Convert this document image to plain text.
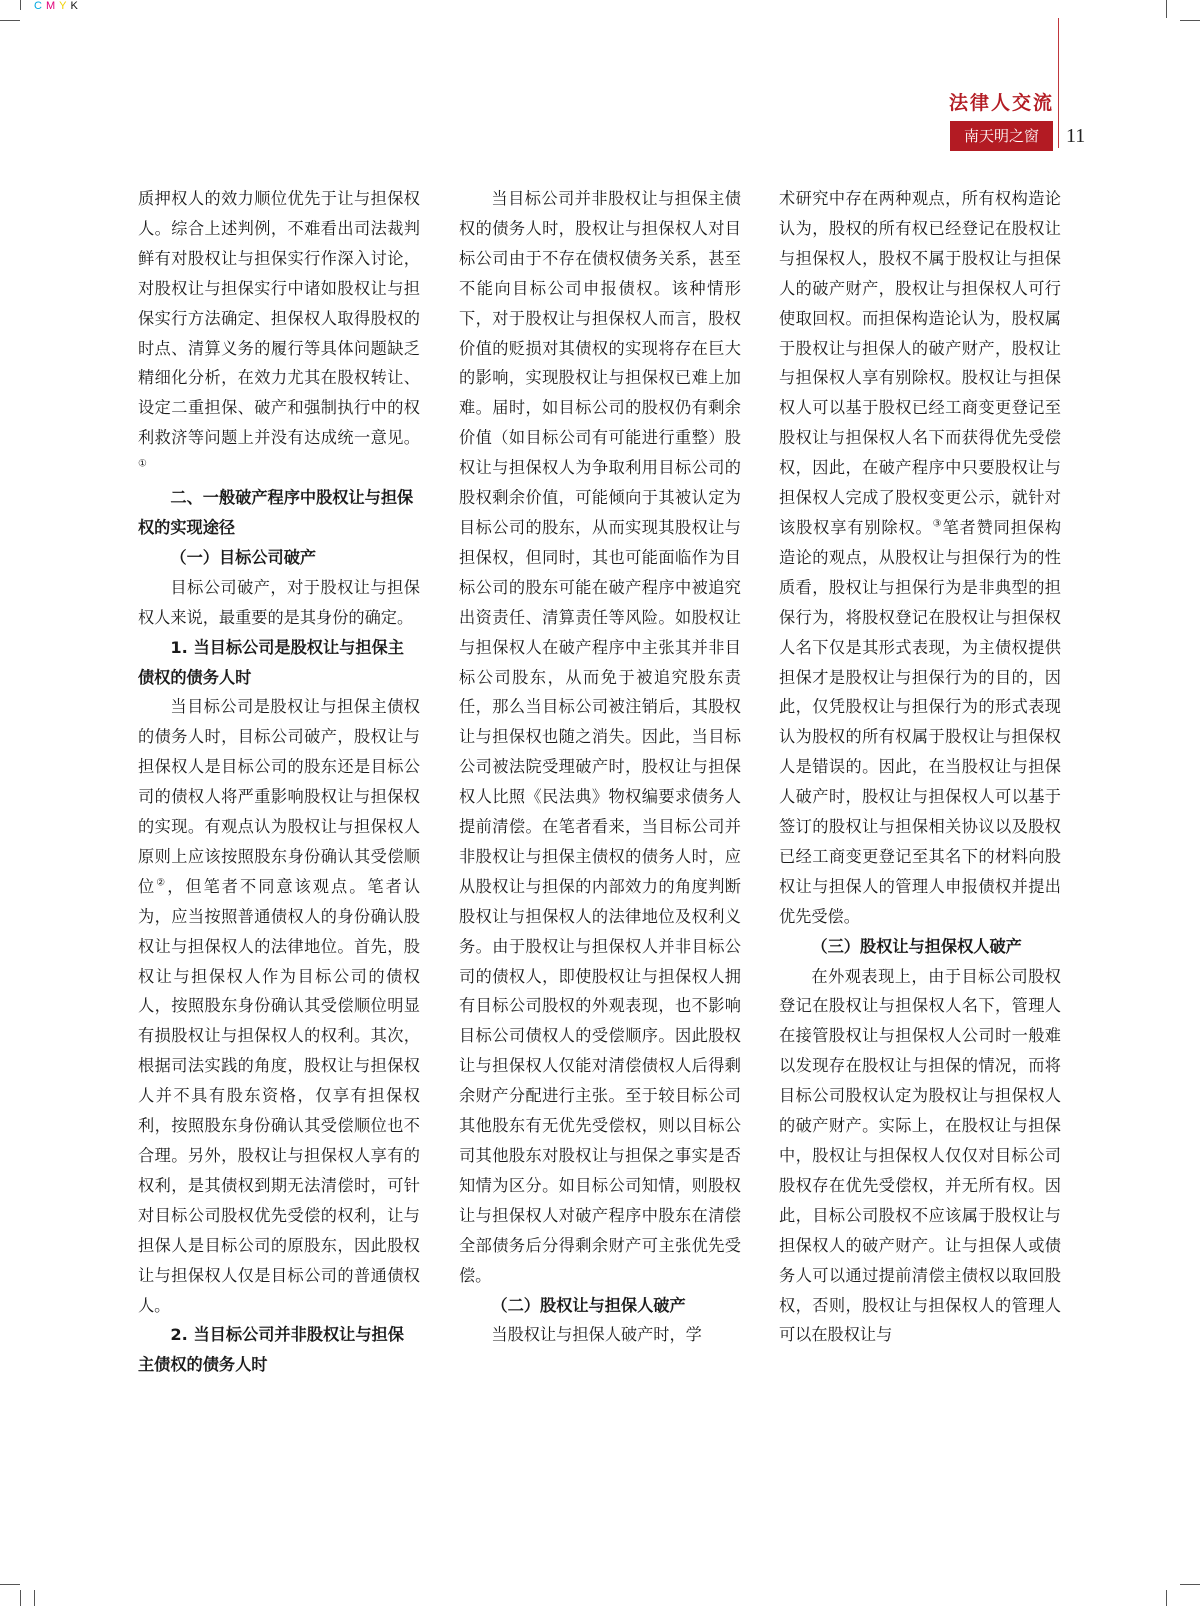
CMYK
法律人交流
南天明之窗	11

质押权人的效力顺位优先于让与担保权人。综合上述判例，不难看出司法裁判鲜有对股权让与担保实行作深入讨论，对股权让与担保实行中诸如股权让与担保实行方法确定、担保权人取得股权的时点、清算义务的履行等具体问题缺乏精细化分析，在效力尤其在股权转让、设定二重担保、破产和强制执行中的权利救济等问题上并没有达成统一意见。①

二、一般破产程序中股权让与担保权的实现途径

（一）目标公司破产

目标公司破产，对于股权让与担保权人来说，最重要的是其身份的确定。

1. 当目标公司是股权让与担保主债权的债务人时

当目标公司是股权让与担保主债权的债务人时，目标公司破产，股权让与担保权人是目标公司的股东还是目标公司的债权人将严重影响股权让与担保权的实现。有观点认为股权让与担保权人原则上应该按照股东身份确认其受偿顺位②，但笔者不同意该观点。笔者认为，应当按照普通债权人的身份确认股权让与担保权人的法律地位。首先，股权让与担保权人作为目标公司的债权人，按照股东身份确认其受偿顺位明显有损股权让与担保权人的权利。其次，根据司法实践的角度，股权让与担保权人并不具有股东资格，仅享有担保权利，按照股东身份确认其受偿顺位也不合理。另外，股权让与担保权人享有的权利，是其债权到期无法清偿时，可针对目标公司股权优先受偿的权利，让与担保人是目标公司的原股东，因此股权让与担保权人仅是目标公司的普通债权人。

2. 当目标公司并非股权让与担保主债权的债务人时

当目标公司并非股权让与担保主债权的债务人时，股权让与担保权人对目标公司由于不存在债权债务关系，甚至不能向目标公司申报债权。该种情形下，对于股权让与担保权人而言，股权价值的贬损对其债权的实现将存在巨大的影响，实现股权让与担保权已难上加难。届时，如目标公司的股权仍有剩余价值（如目标公司有可能进行重整）股权让与担保权人为争取利用目标公司的股权剩余价值，可能倾向于其被认定为目标公司的股东，从而实现其股权让与担保权，但同时，其也可能面临作为目标公司的股东可能在破产程序中被追究出资责任、清算责任等风险。如股权让与担保权人在破产程序中主张其并非目标公司股东，从而免于被追究股东责任，那么当目标公司被注销后，其股权让与担保权也随之消失。因此，当目标公司被法院受理破产时，股权让与担保权人比照《民法典》物权编要求债务人提前清偿。在笔者看来，当目标公司并非股权让与担保主债权的债务人时，应从股权让与担保的内部效力的角度判断股权让与担保权人的法律地位及权利义务。由于股权让与担保权人并非目标公司的债权人，即使股权让与担保权人拥有目标公司股权的外观表现，也不影响目标公司债权人的受偿顺序。因此股权让与担保权人仅能对清偿债权人后得剩余财产分配进行主张。至于较目标公司其他股东有无优先受偿权，则以目标公司其他股东对股权让与担保之事实是否知情为区分。如目标公司知情，则股权让与担保权人对破产程序中股东在清偿全部债务后分得剩余财产可主张优先受偿。

（二）股权让与担保人破产

当股权让与担保人破产时，学

术研究中存在两种观点，所有权构造论认为，股权的所有权已经登记在股权让与担保权人，股权不属于股权让与担保人的破产财产，股权让与担保权人可行使取回权。而担保构造论认为，股权属于股权让与担保人的破产财产，股权让与担保权人享有别除权。股权让与担保权人可以基于股权已经工商变更登记至股权让与担保权人名下而获得优先受偿权，因此，在破产程序中只要股权让与担保权人完成了股权变更公示，就针对该股权享有别除权。③笔者赞同担保构造论的观点，从股权让与担保行为的性质看，股权让与担保行为是非典型的担保行为，将股权登记在股权让与担保权人名下仅是其形式表现，为主债权提供担保才是股权让与担保行为的目的，因此，仅凭股权让与担保行为的形式表现认为股权的所有权属于股权让与担保权人是错误的。因此，在当股权让与担保人破产时，股权让与担保权人可以基于签订的股权让与担保相关协议以及股权已经工商变更登记至其名下的材料向股权让与担保人的管理人申报债权并提出优先受偿。

（三）股权让与担保权人破产

在外观表现上，由于目标公司股权登记在股权让与担保权人名下，管理人在接管股权让与担保权人公司时一般难以发现存在股权让与担保的情况，而将目标公司股权认定为股权让与担保权人的破产财产。实际上，在股权让与担保中，股权让与担保权人仅仅对目标公司股权存在优先受偿权，并无所有权。因此，目标公司股权不应该属于股权让与担保权人的破产财产。让与担保人或债务人可以通过提前清偿主债权以取回股权，否则，股权让与担保权人的管理人可以在股权让与
